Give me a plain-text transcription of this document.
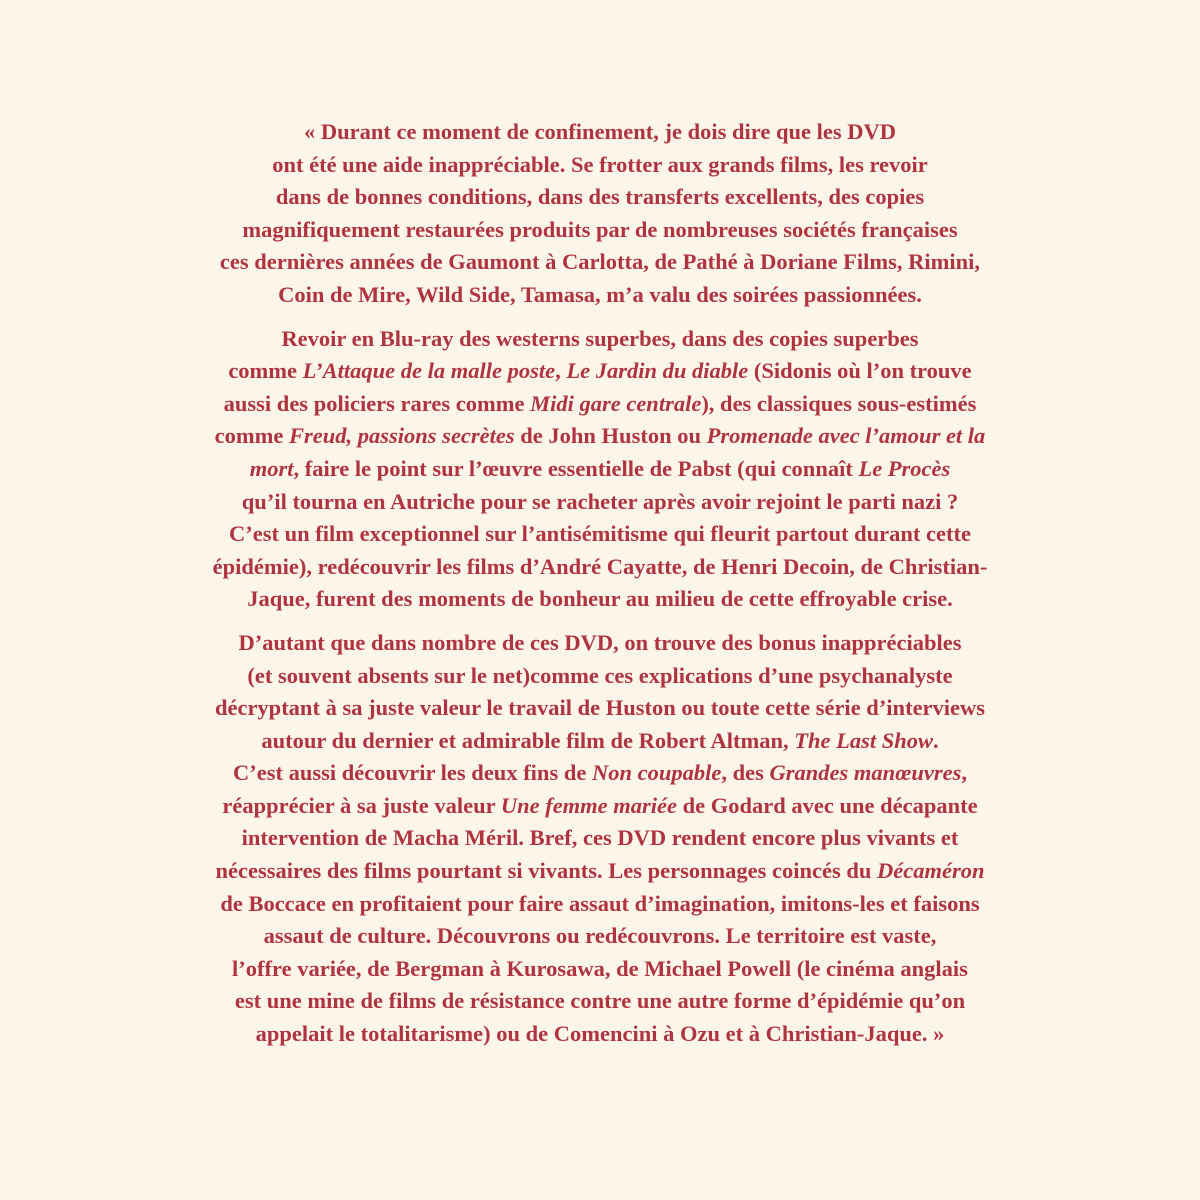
« Durant ce moment de confinement, je dois dire que les DVD
ont été une aide inappréciable. Se frotter aux grands films, les revoir
dans de bonnes conditions, dans des transferts excellents, des copies
magnifiquement restaurées produits par de nombreuses sociétés françaises
ces dernières années de Gaumont à Carlotta, de Pathé à Doriane Films, Rimini,
Coin de Mire, Wild Side, Tamasa, m’a valu des soirées passionnées.

Revoir en Blu-ray des westerns superbes, dans des copies superbes
comme L’Attaque de la malle poste, Le Jardin du diable (Sidonis où l’on trouve
aussi des policiers rares comme Midi gare centrale), des classiques sous-estimés
comme Freud, passions secrètes de John Huston ou Promenade avec l’amour et la
mort, faire le point sur l’œuvre essentielle de Pabst (qui connaît Le Procès
qu’il tourna en Autriche pour se racheter après avoir rejoint le parti nazi ?
C’est un film exceptionnel sur l’antisémitisme qui fleurit partout durant cette
épidémie), redécouvrir les films d’André Cayatte, de Henri Decoin, de Christian-
Jaque, furent des moments de bonheur au milieu de cette effroyable crise.

D’autant que dans nombre de ces DVD, on trouve des bonus inappréciables
(et souvent absents sur le net)comme ces explications d’une psychanalyste
décryptant à sa juste valeur le travail de Huston ou toute cette série d’interviews
autour du dernier et admirable film de Robert Altman, The Last Show.
C’est aussi découvrir les deux fins de Non coupable, des Grandes manœuvres,
réapprécier à sa juste valeur Une femme mariée de Godard avec une décapante
intervention de Macha Méril. Bref, ces DVD rendent encore plus vivants et
nécessaires des films pourtant si vivants. Les personnages coincés du Décaméron
de Boccace en profitaient pour faire assaut d’imagination, imitons-les et faisons
assaut de culture. Découvrons ou redécouvrons. Le territoire est vaste,
l’offre variée, de Bergman à Kurosawa, de Michael Powell (le cinéma anglais
est une mine de films de résistance contre une autre forme d’épidémie qu’on
appelait le totalitarisme) ou de Comencini à Ozu et à Christian-Jaque. »
